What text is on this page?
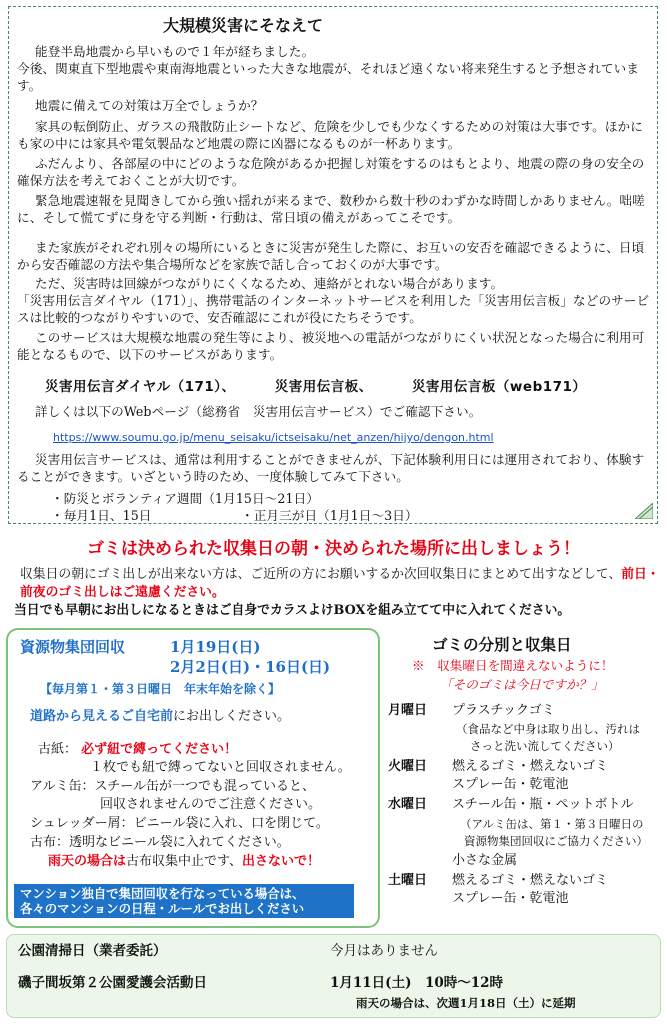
大規模災害にそなえて
能登半島地震から早いもので１年が経ちました。
今後、関東直下型地震や東南海地震といった大きな地震が、それほど遠くない将来発生すると予想されています。
地震に備えての対策は万全でしょうか？
家具の転倒防止、ガラスの飛散防止シートなど、危険を少しでも少なくするための対策は大事です。ほかにも家の中には家具や電気製品など地震の際に凶器になるものが一杯あります。
ふだんより、各部屋の中にどのような危険があるか把握し対策をするのはもとより、地震の際の身の安全の確保方法を考えておくことが大切です。
緊急地震速報を見聞きしてから強い揺れが来るまで、数秒から数十秒のわずかな時間しかありません。咄嗟に、そして慌てずに身を守る判断・行動は、常日頃の備えがあってこそです。
また家族がそれぞれ別々の場所にいるときに災害が発生した際に、お互いの安否を確認できるように、日頃から安否確認の方法や集合場所などを家族で話し合っておくのが大事です。
ただ、災害時は回線がつながりにくくなるため、連絡がとれない場合があります。
「災害用伝言ダイヤル（171）」、携帯電話のインターネットサービスを利用した「災害用伝言板」などのサービスは比較的つながりやすいので、安否確認にこれが役にたちそうです。
このサービスは大規模な地震の発生等により、被災地への電話がつながりにくい状況となった場合に利用可能となるもので、以下のサービスがあります。
災害用伝言ダイヤル（171）、	災害用伝言板、	災害用伝言板（web171）
詳しくは以下のWebページ（総務省　災害用伝言サービス）でご確認下さい。
https://www.soumu.go.jp/menu_seisaku/ictseisaku/net_anzen/hijyo/dengon.html
災害用伝言サービスは、通常は利用することができませんが、下記体験利用日には運用されており、体験することができます。いざという時のため、一度体験してみて下さい。
・防災とボランティア週間（1月15日～21日）
・毎月1日、15日	・正月三が日（1月1日～3日）
ゴミは決められた収集日の朝・決められた場所に出しましょう！
収集日の朝にゴミ出しが出来ない方は、ご近所の方にお願いするか次回収集日にまとめて出すなどして、前日・前夜のゴミ出しはご遠慮ください。
当日でも早朝にお出しになるときはご自身でカラスよけBOXを組み立てて中に入れてください。
資源物集団回収	1月19日(日)
2月2日(日)・16日(日)
【毎月第１・第３日曜日　年末年始を除く】
道路から見えるご自宅前にお出しください。
古紙： 必ず紐で縛ってください！
１枚でも紐で縛ってないと回収されません。
アルミ缶：スチール缶が一つでも混っていると、
回収されませんのでご注意ください。
シュレッダー屑：ビニール袋に入れ、口を閉じて。
古布：透明なビニール袋に入れてください。
雨天の場合は古布収集中止です、出さないで！
マンション独自で集団回収を行なっている場合は、
各々のマンションの日程・ルールでお出しください
ゴミの分別と収集日
※　収集曜日を間違えないように！
「そのゴミは今日ですか？」
月曜日 プラスチックゴミ
（食品など中身は取り出し、汚れは
さっと洗い流してください）
火曜日 燃えるゴミ・燃えないゴミ
スプレー缶・乾電池
水曜日 スチール缶・瓶・ペットボトル
（アルミ缶は、第１・第３日曜日の
資源物集団回収にご協力ください）
小さな金属
土曜日 燃えるゴミ・燃えないゴミ
スプレー缶・乾電池
公園清掃日（業者委託）	今月はありません
磯子間坂第２公園愛護会活動日	1月11日(土)　10時～12時
雨天の場合は、次週1月18日（土）に延期
